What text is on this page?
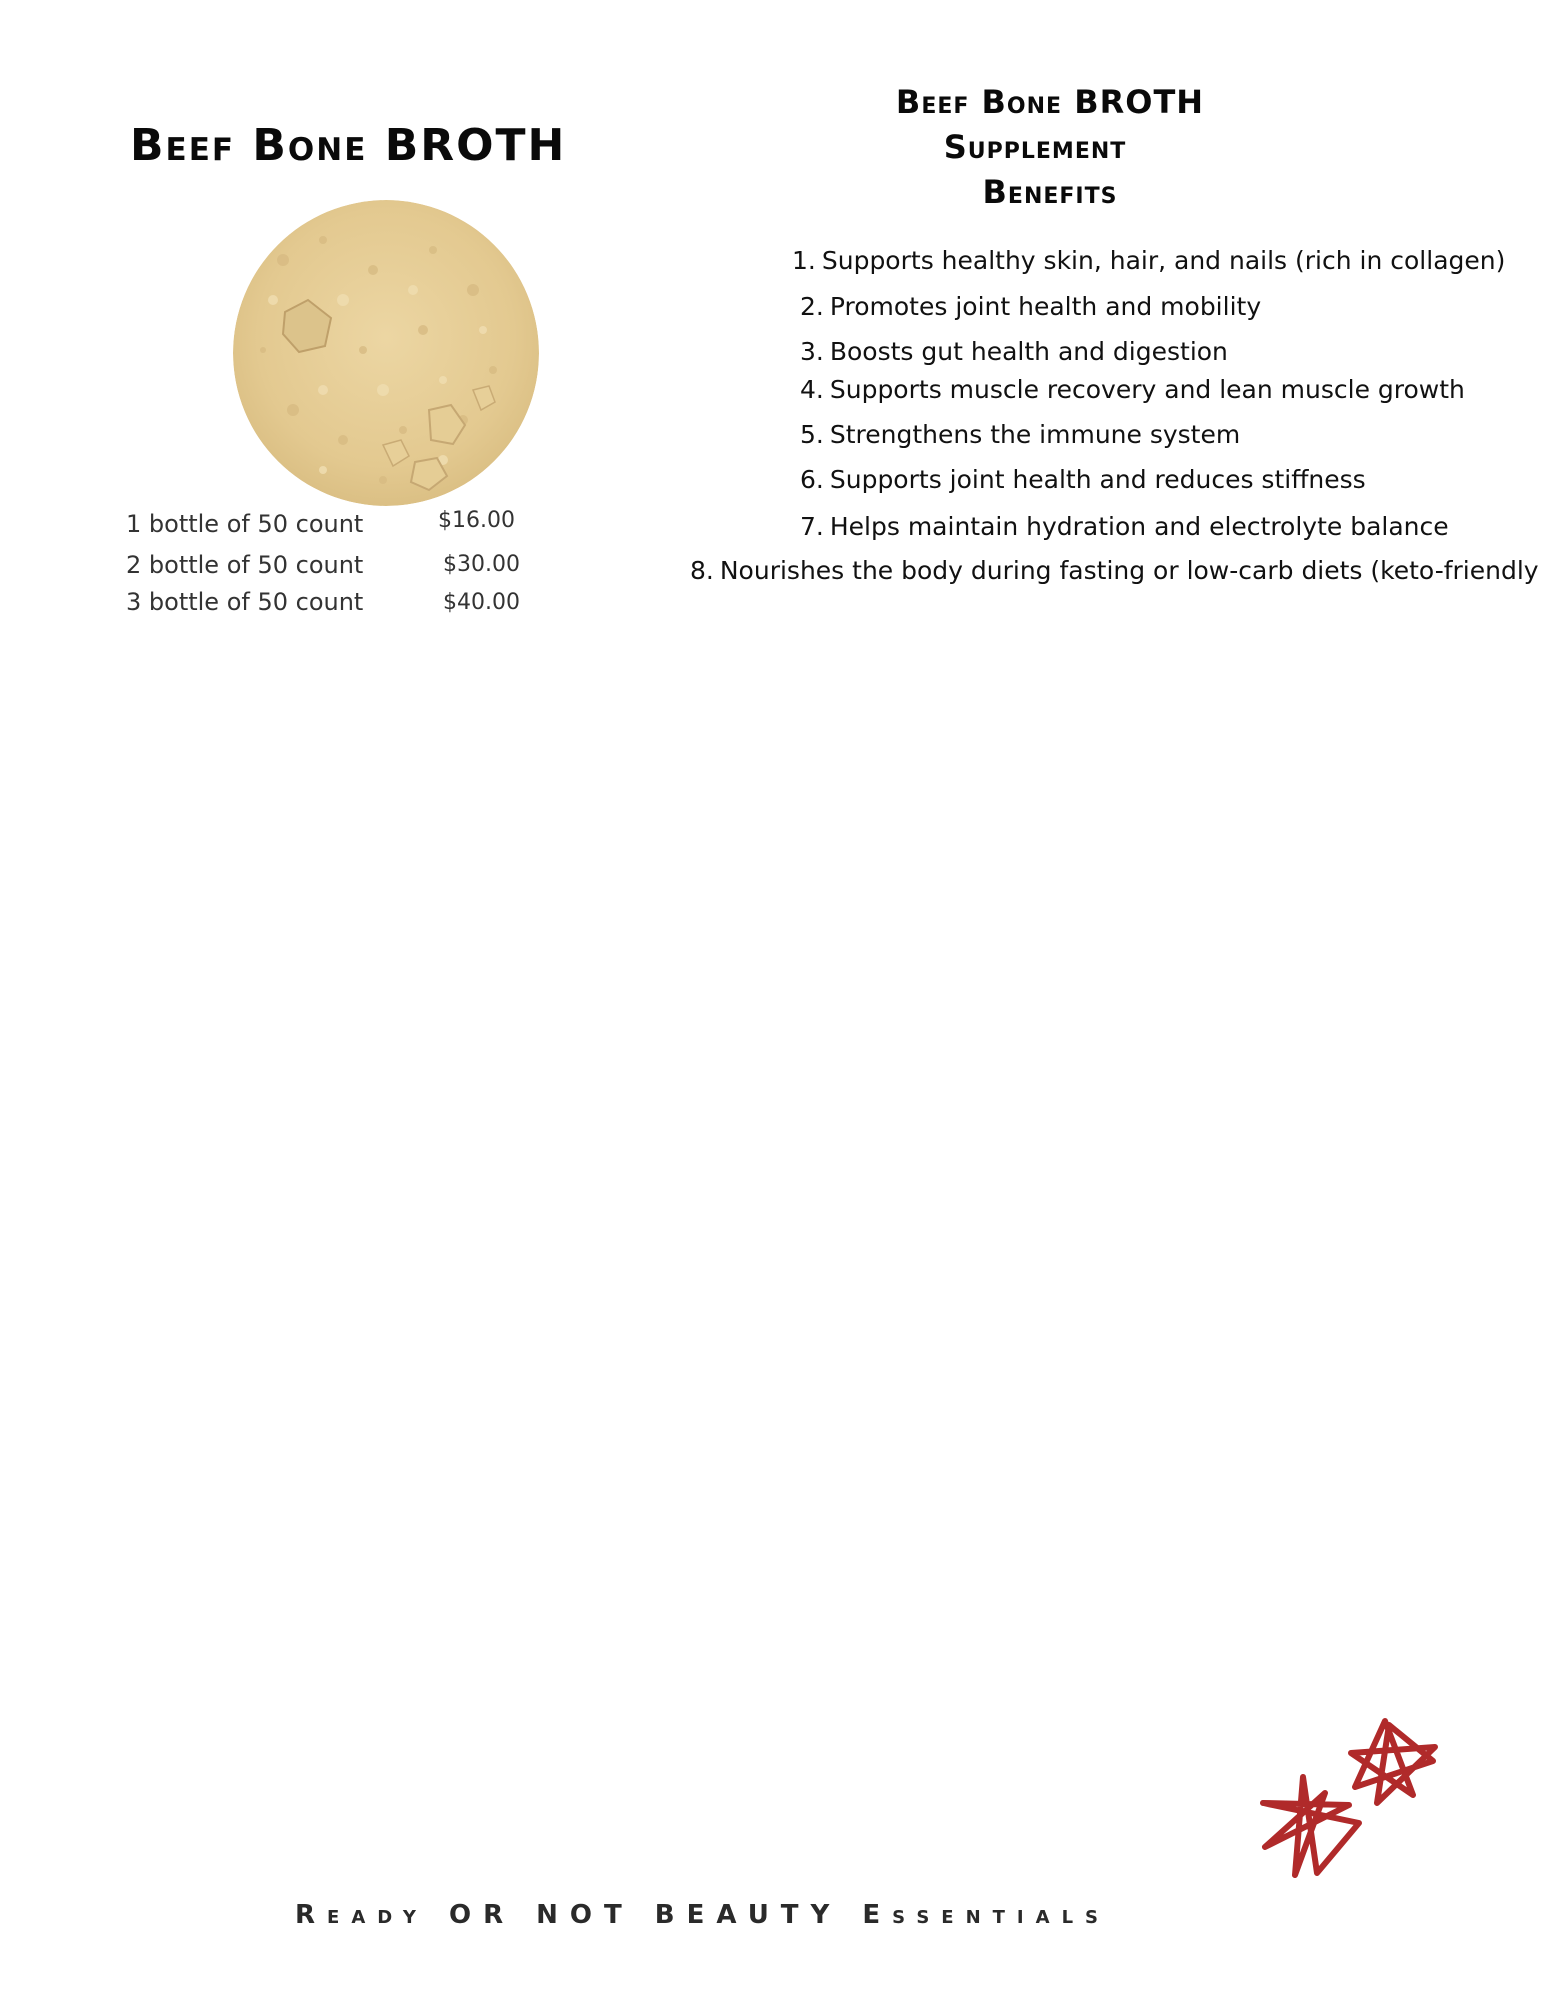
Beef Bone BROTH
1 bottle of 50 count	$16.00
2 bottle of 50 count	$30.00
3 bottle of 50 count	$40.00
Beef Bone BROTH
Supplement
Benefits
1. Supports healthy skin, hair, and nails (rich in collagen)
2. Promotes joint health and mobility
3. Boosts gut health and digestion
4. Supports muscle recovery and lean muscle growth
5. Strengthens the immune system
6. Supports joint health and reduces stiffness
7. Helps maintain hydration and electrolyte balance
8. Nourishes the body during fasting or low-carb diets (keto-friendly
Ready OR NOT BEAUTY Essentials
